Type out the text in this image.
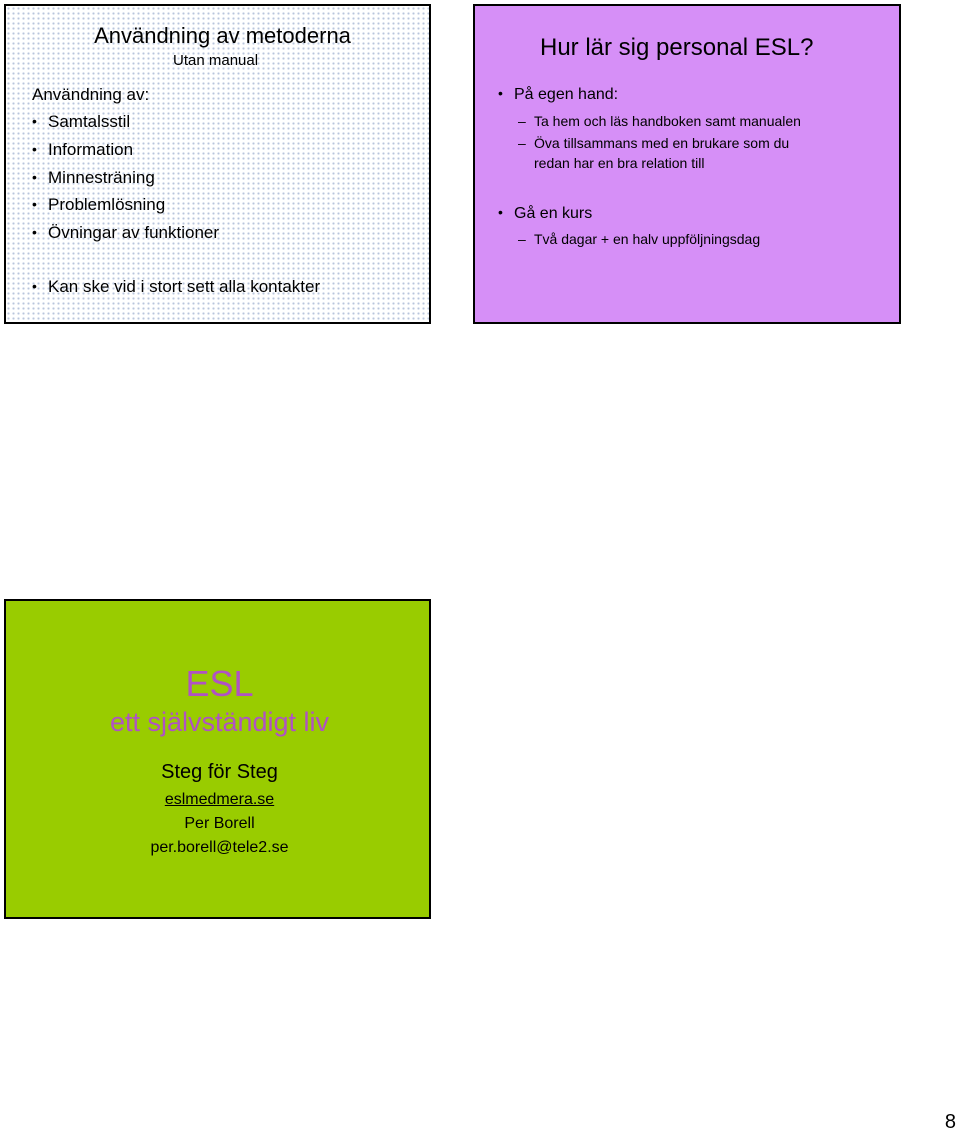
Användning av metoderna
Utan manual
Användning av:
• Samtalsstil
• Information
• Minnesträning
• Problemlösning
• Övningar av funktioner
• Kan ske vid i stort sett alla kontakter
Hur lär sig personal ESL?
• På egen hand:
– Ta hem och läs handboken samt manualen
– Öva tillsammans med en brukare som du
redan har en bra relation till
• Gå en kurs
– Två dagar + en halv uppföljningsdag
ESL
ett självständigt liv
Steg för Steg
eslmedmera.se
Per Borell
per.borell@tele2.se
8
